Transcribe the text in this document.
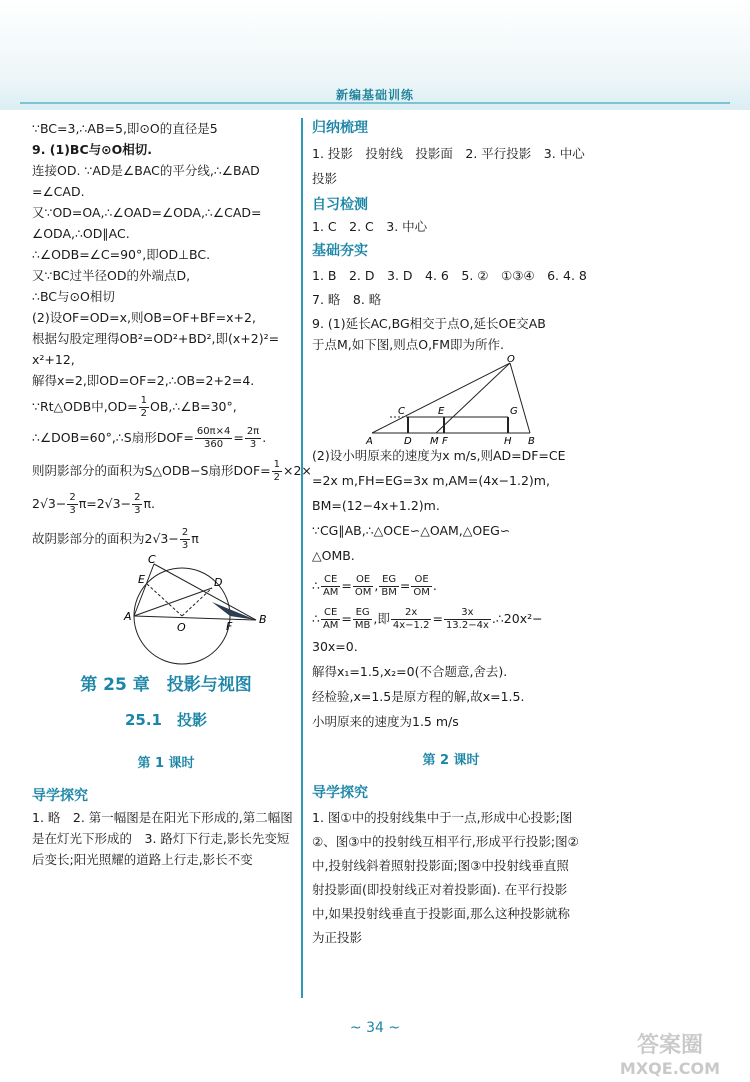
新编基础训练

∵BC=3,∴AB=5,即⊙O的直径是5

9. (1)BC与⊙O相切.

连接OD. ∵AD是∠BAC的平分线,∴∠BAD

=∠CAD.

又∵OD=OA,∴∠OAD=∠ODA,∴∠CAD=

∠ODA,∴OD∥AC.

∴∠ODB=∠C=90°,即OD⊥BC.

又∵BC过半径OD的外端点D,

∴BC与⊙O相切

(2)设OF=OD=x,则OB=OF+BF=x+2,

根据勾股定理得OB²=OD²+BD²,即(x+2)²=

x²+12,

解得x=2,即OD=OF=2,∴OB=2+2=4.

∵Rt△ODB中$,OD= \frac{1}{2}$ OB,∴∠B=30°,

∴∠DOB=60°,∴S扇形$DOF= \frac{60\pi\times 4}{360} = \frac{2\pi}{3}$ .

则阴影部分的面积为S△ODB−S扇形$DOF= \frac{1}{2} \times 2\times$

$2√3- \frac{2}{3} \pi=2√3- \frac{2}{3} \pi$.

故阴影部分的面积为$2√3- \frac{2}{3}$ π

C
E	D
A
O	F
B

第 25 章　投影与视图

25.1　投影

第 1 课时

导学探究

1. 略　2. 第一幅图是在阳光下形成的,第二幅图

是在灯光下形成的　3. 路灯下行走,影长先变短

后变长;阳光照耀的道路上行走,影长不变

归纳梳理

1. 投影　投射线　投影面　2. 平行投影　3. 中心

投影

自习检测

1. C　2. C　3. 中心

基础夯实

1. B　2. D　3. D　4. 6　5. ②　①③④　6. 4. 8

7. 略　8. 略

9. (1)延长AC,BG相交于点O,延长OE交AB

于点M,如下图,则点O,FM即为所作.

O
C	E	G
A	D M F	H B

(2)设小明原来的速度为x m/s,则AD=DF=CE

=2x m,FH=EG=3x m,AM=(4x−1.2)m,

BM=(12−4x+1.2)m.

∵CG∥AB,∴△OCE∽△OAM,△OEG∽

△OMB.

∴ $\frac{CE}{AM} = \frac{OE}{OM}$ , $\frac{EG}{BM} = \frac{OE}{OM}$ .

∴ $\frac{CE}{AM} = \frac{EG}{MB}$ ,即 $\frac{2x}{4x-1.2} = \frac{3x}{13.2-4x}$ .∴20x²−

30x=0.

解得x₁=1.5,x₂=0(不合题意,舍去).

经检验,x=1.5是原方程的解,故x=1.5.

小明原来的速度为1.5 m/s

第 2 课时

导学探究

1. 图①中的投射线集中于一点,形成中心投影;图

②、图③中的投射线互相平行,形成平行投影;图②

中,投射线斜着照射投影面;图③中投射线垂直照

射投影面(即投射线正对着投影面). 在平行投影

中,如果投射线垂直于投影面,那么这种投影就称

为正投影

~ 34 ~
答案圈
MXQE.COM
